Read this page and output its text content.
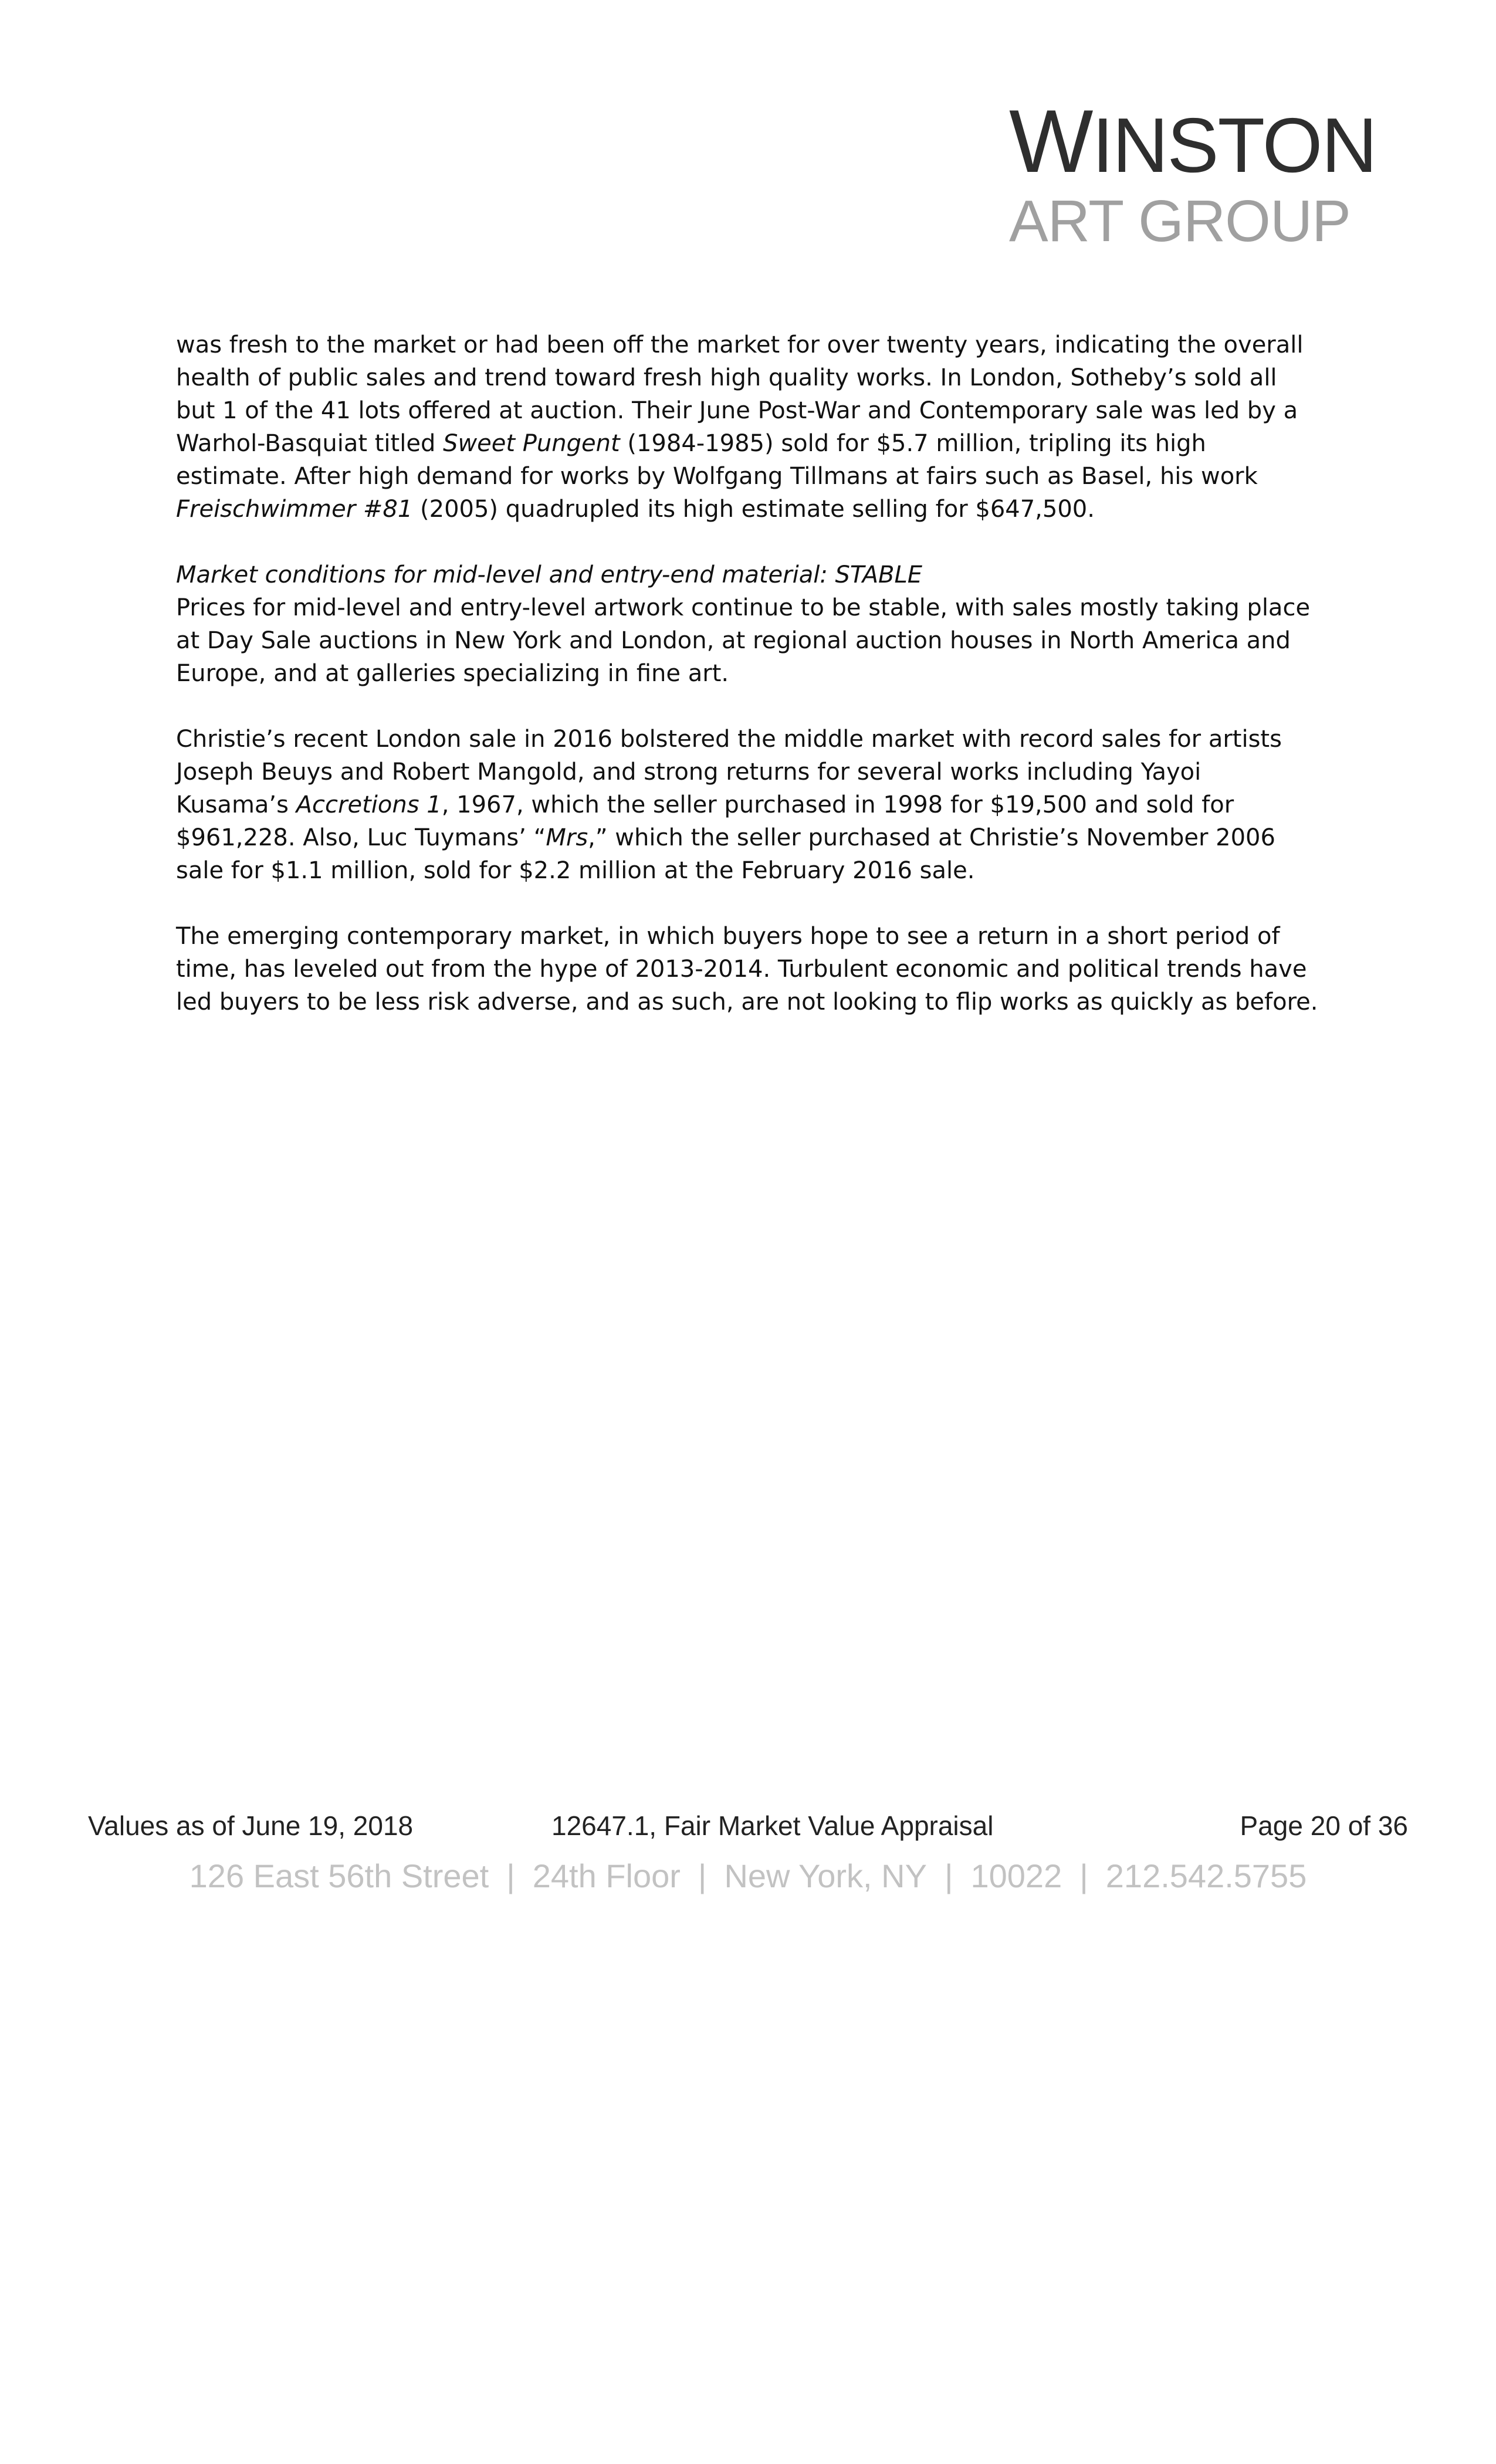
WINSTON
ART GROUP

was fresh to the market or had been off the market for over twenty years, indicating the overall health of public sales and trend toward fresh high quality works. In London, Sotheby’s sold all but 1 of the 41 lots offered at auction. Their June Post-War and Contemporary sale was led by a Warhol-Basquiat titled Sweet Pungent (1984-1985) sold for $5.7 million, tripling its high estimate. After high demand for works by Wolfgang Tillmans at fairs such as Basel, his work Freischwimmer #81 (2005) quadrupled its high estimate selling for $647,500.

Market conditions for mid-level and entry-end material: STABLE
Prices for mid-level and entry-level artwork continue to be stable, with sales mostly taking place at Day Sale auctions in New York and London, at regional auction houses in North America and Europe, and at galleries specializing in fine art.

Christie’s recent London sale in 2016 bolstered the middle market with record sales for artists Joseph Beuys and Robert Mangold, and strong returns for several works including Yayoi Kusama’s Accretions 1, 1967, which the seller purchased in 1998 for $19,500 and sold for $961,228. Also, Luc Tuymans’ “Mrs,” which the seller purchased at Christie’s November 2006 sale for $1.1 million, sold for $2.2 million at the February 2016 sale.

The emerging contemporary market, in which buyers hope to see a return in a short period of time, has leveled out from the hype of 2013-2014. Turbulent economic and political trends have led buyers to be less risk adverse, and as such, are not looking to flip works as quickly as before.

Values as of June 19, 2018	12647.1, Fair Market Value Appraisal	Page 20 of 36
126 East 56th Street | 24th Floor | New York, NY | 10022 | 212.542.5755
